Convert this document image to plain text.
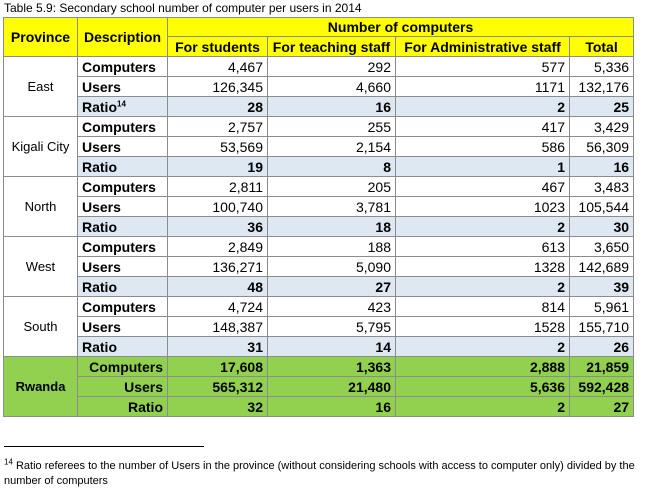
Table 5.9: Secondary school number of computer per users in 2014
Province	Description	Number of computers			
		For students	For teaching staff	For Administrative staff	Total
East	Computers	4,467	292	577	5,336
	Users	126,345	4,660	1171	132,176
	Ratio$^{14}$	28	16	2	25
Kigali City	Computers	2,757	255	417	3,429
	Users	53,569	2,154	586	56,309
	Ratio	19	8	1	16
North	Computers	2,811	205	467	3,483
	Users	100,740	3,781	1023	105,544
	Ratio	36	18	2	30
West	Computers	2,849	188	613	3,650
	Users	136,271	5,090	1328	142,689
	Ratio	48	27	2	39
South	Computers	4,724	423	814	5,961
	Users	148,387	5,795	1528	155,710
	Ratio	31	14	2	26
Rwanda	Computers	17,608	1,363	2,888	21,859
	Users	565,312	21,480	5,636	592,428
	Ratio	32	16	2	27
$^{14}$ Ratio referees to the number of Users in the province (without considering schools with access to computer only) divided by the number of computers
